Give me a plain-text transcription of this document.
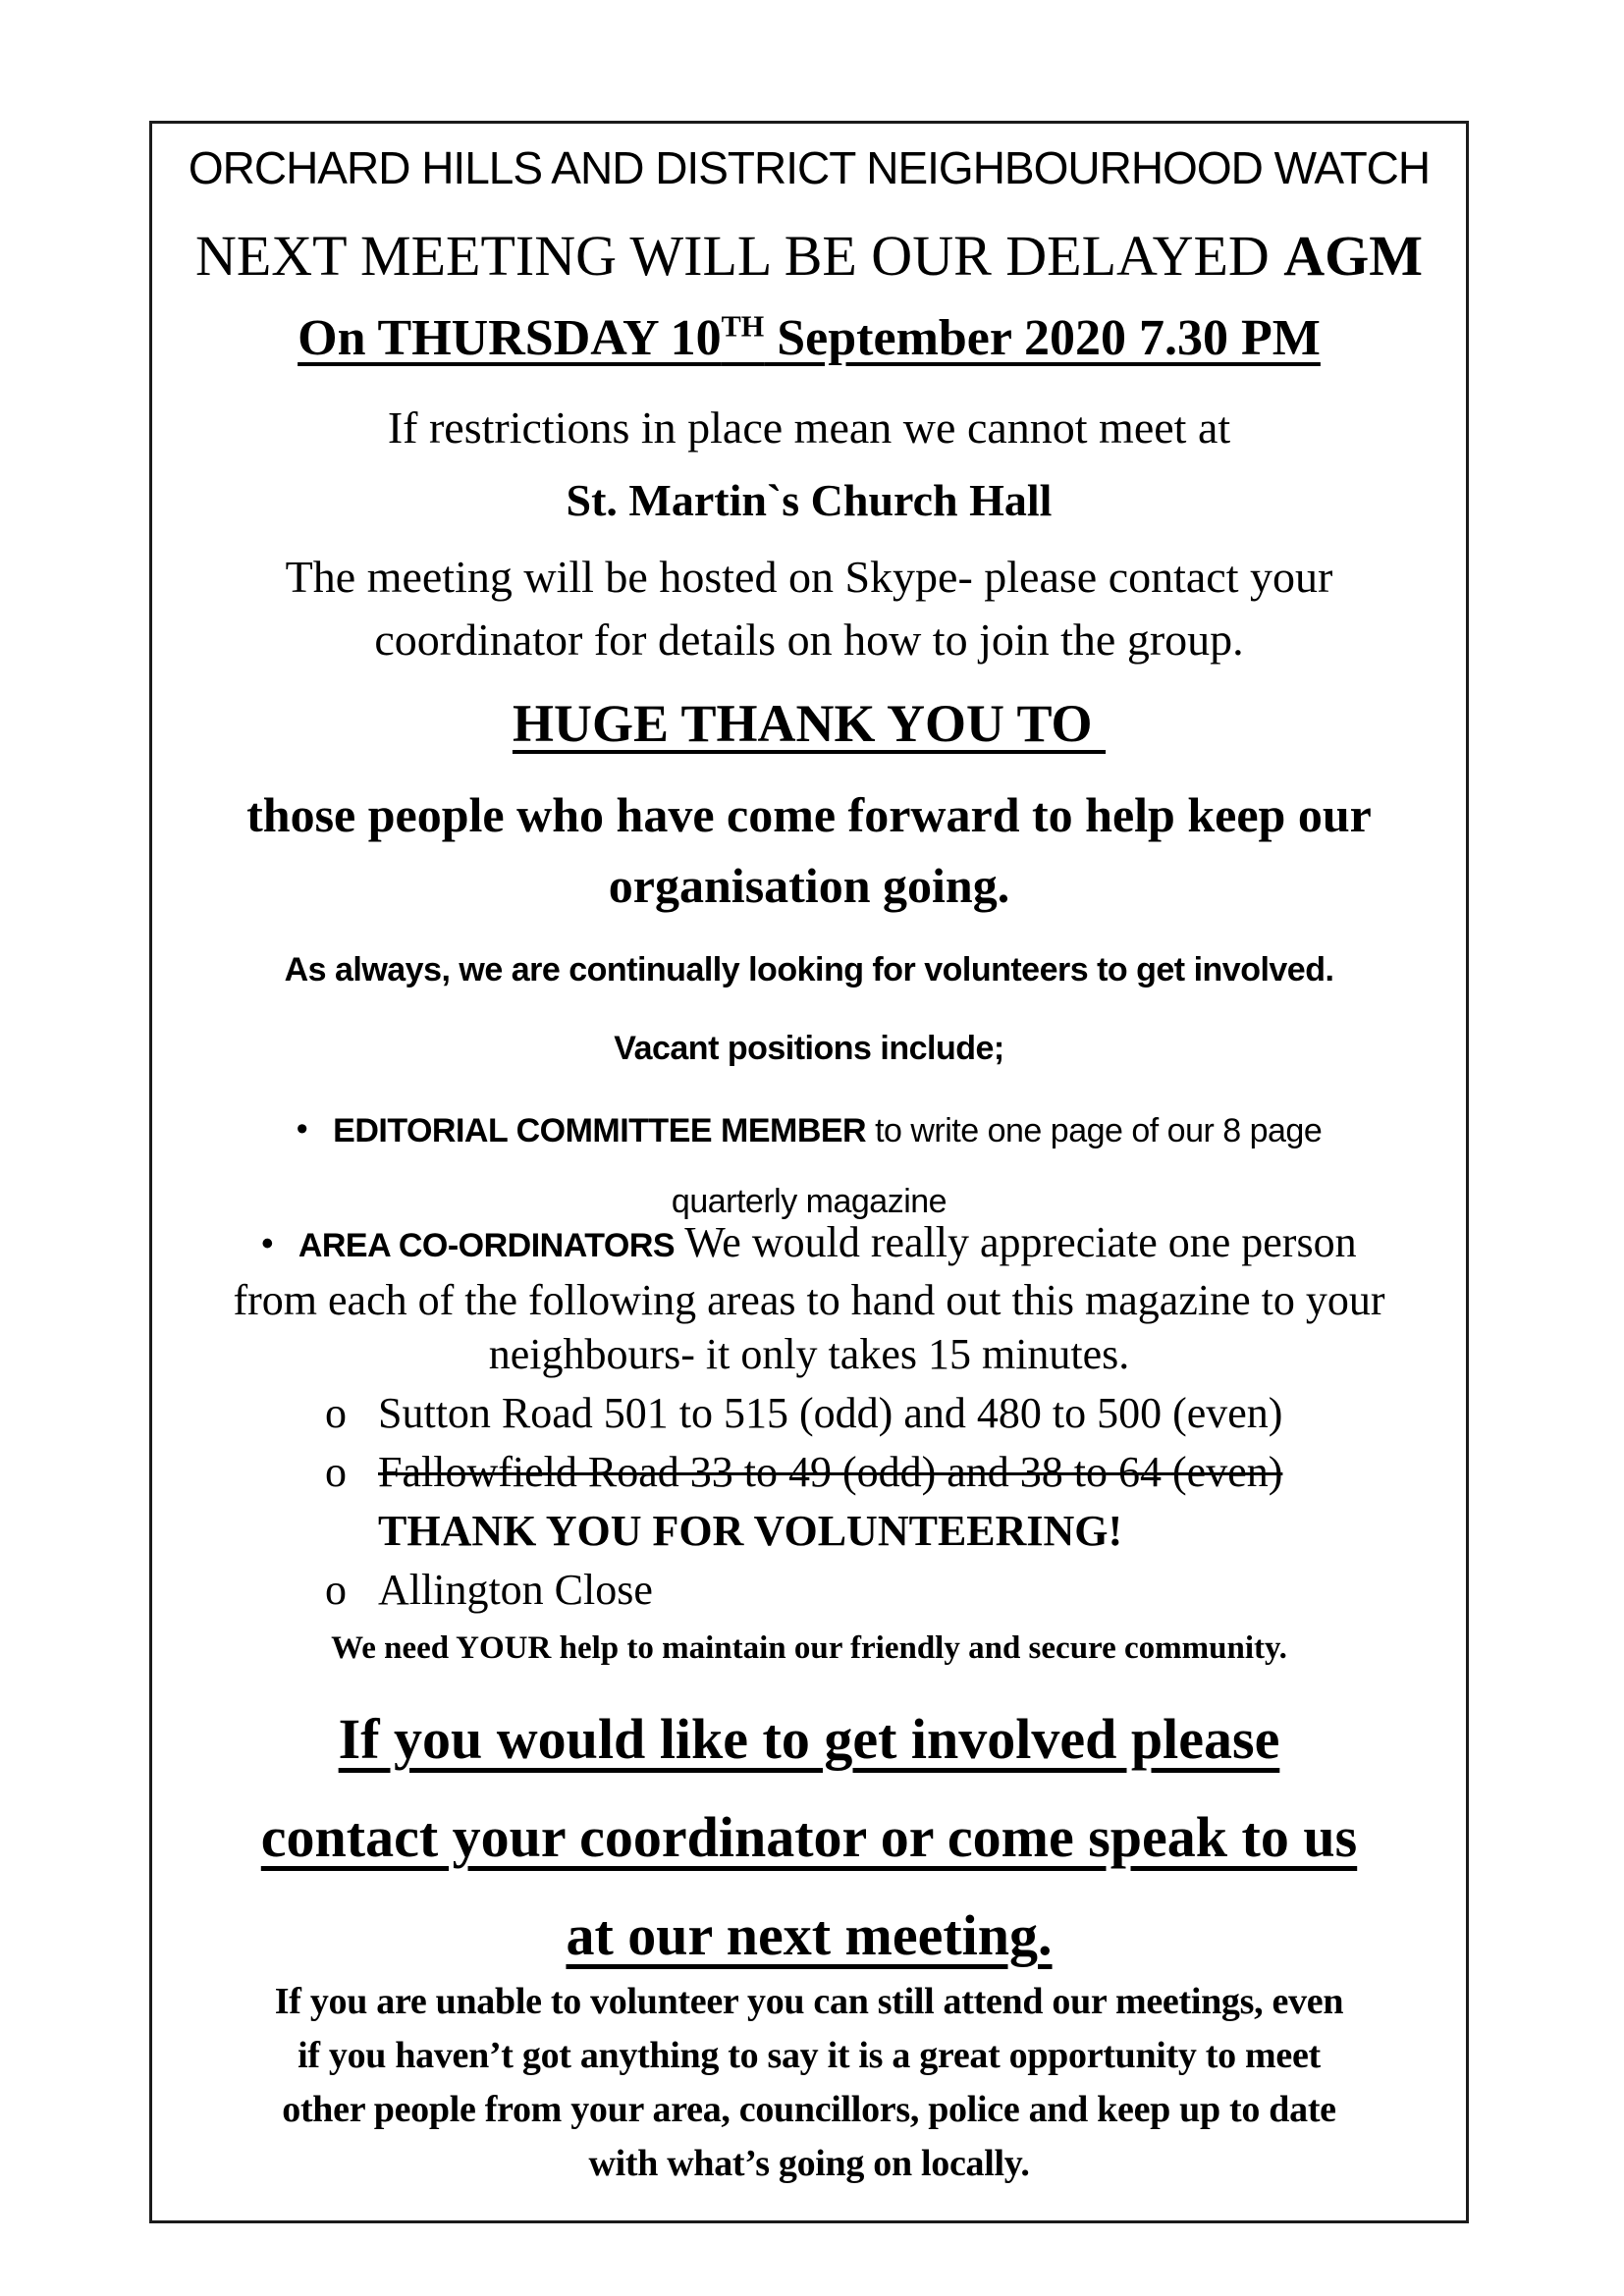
ORCHARD HILLS AND DISTRICT NEIGHBOURHOOD WATCH
NEXT MEETING WILL BE OUR DELAYED AGM
On THURSDAY 10TH September 2020 7.30 PM
If restrictions in place mean we cannot meet at
St. Martin`s Church Hall
The meeting will be hosted on Skype- please contact your
coordinator for details on how to join the group.
HUGE THANK YOU TO
those people who have come forward to help keep our
organisation going.
As always, we are continually looking for volunteers to get involved.
Vacant positions include;
• EDITORIAL COMMITTEE MEMBER to write one page of our 8 page
quarterly magazine
• AREA CO-ORDINATORS We would really appreciate one person
from each of the following areas to hand out this magazine to your
neighbours- it only takes 15 minutes.
o Sutton Road 501 to 515 (odd) and 480 to 500 (even)
o Fallowfield Road 33 to 49 (odd) and 38 to 64 (even)
THANK YOU FOR VOLUNTEERING!
o Allington Close
We need YOUR help to maintain our friendly and secure community.
If you would like to get involved please
contact your coordinator or come speak to us
at our next meeting.
If you are unable to volunteer you can still attend our meetings, even
if you haven’t got anything to say it is a great opportunity to meet
other people from your area, councillors, police and keep up to date
with what’s going on locally.
